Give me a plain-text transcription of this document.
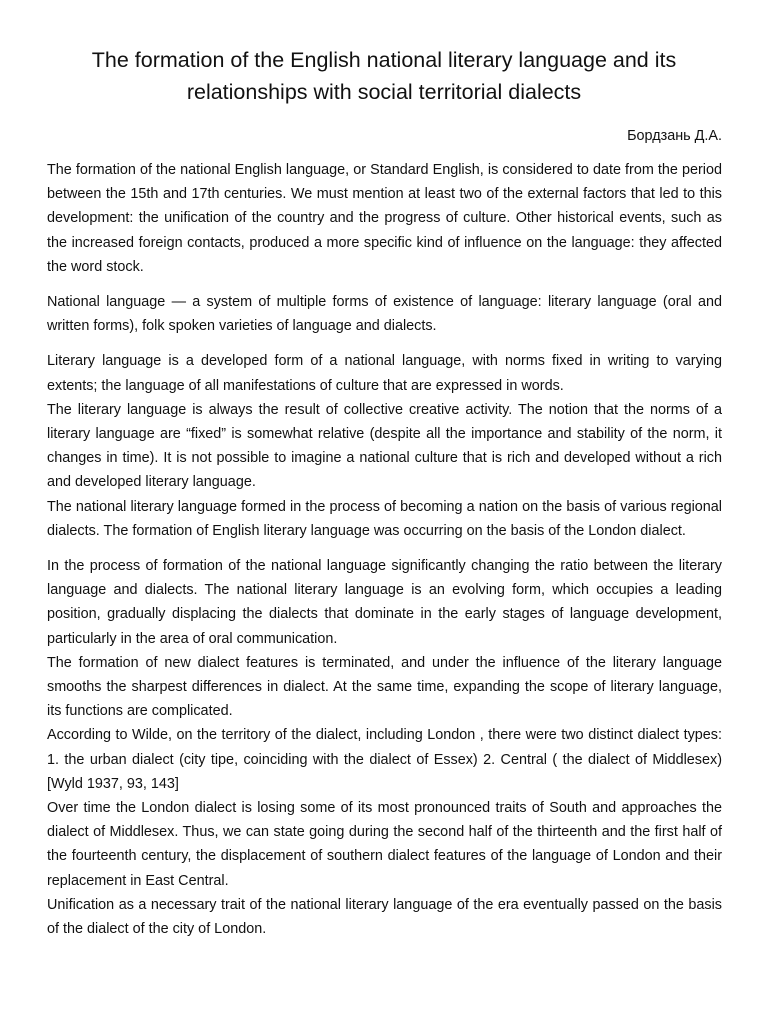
The formation of the English national literary language and its relationships with social territorial dialects

Бордзань Д.А.

The formation of the national English language, or Standard English, is considered to date from the period between the 15th and 17th centuries. We must mention at least two of the external factors that led to this development: the unification of the country and the progress of culture. Other historical events, such as the increased foreign contacts, produced a more specific kind of influence on the language: they affected the word stock.

National language — a system of multiple forms of existence of language: literary language (oral and written forms), folk spoken varieties of language and dialects.

Literary language is a developed form of a national language, with norms fixed in writing to varying extents; the language of all manifestations of culture that are expressed in words.

The literary language is always the result of collective creative activity. The notion that the norms of a literary language are “fixed” is somewhat relative (despite all the importance and stability of the norm, it changes in time). It is not possible to imagine a national culture that is rich and developed without a rich and developed literary language.

The national literary language formed in the process of becoming a nation on the basis of various regional dialects. The formation of English literary language was occurring on the basis of the London dialect.

In the process of formation of the national language significantly changing the ratio between the literary language and dialects. The national literary language is an evolving form, which occupies a leading position, gradually displacing the dialects that dominate in the early stages of language development, particularly in the area of oral communication.

The formation of new dialect features is terminated, and under the influence of the literary language smooths the sharpest differences in dialect. At the same time, expanding the scope of literary language, its functions are complicated.

According to Wilde, on the territory of the dialect, including London , there were two distinct dialect types: 1. the urban dialect (city tipe, coinciding with the dialect of Essex) 2. Central ( the dialect of Middlesex) [Wyld 1937, 93, 143]

Over time the London dialect is losing some of its most pronounced traits of South and approaches the dialect of Middlesex. Thus, we can state going during the second half of the thirteenth and the first half of the fourteenth century, the displacement of southern dialect features of the language of London and their replacement in East Central.

Unification as a necessary trait of the national literary language of the era eventually passed on the basis of the dialect of the city of London.
